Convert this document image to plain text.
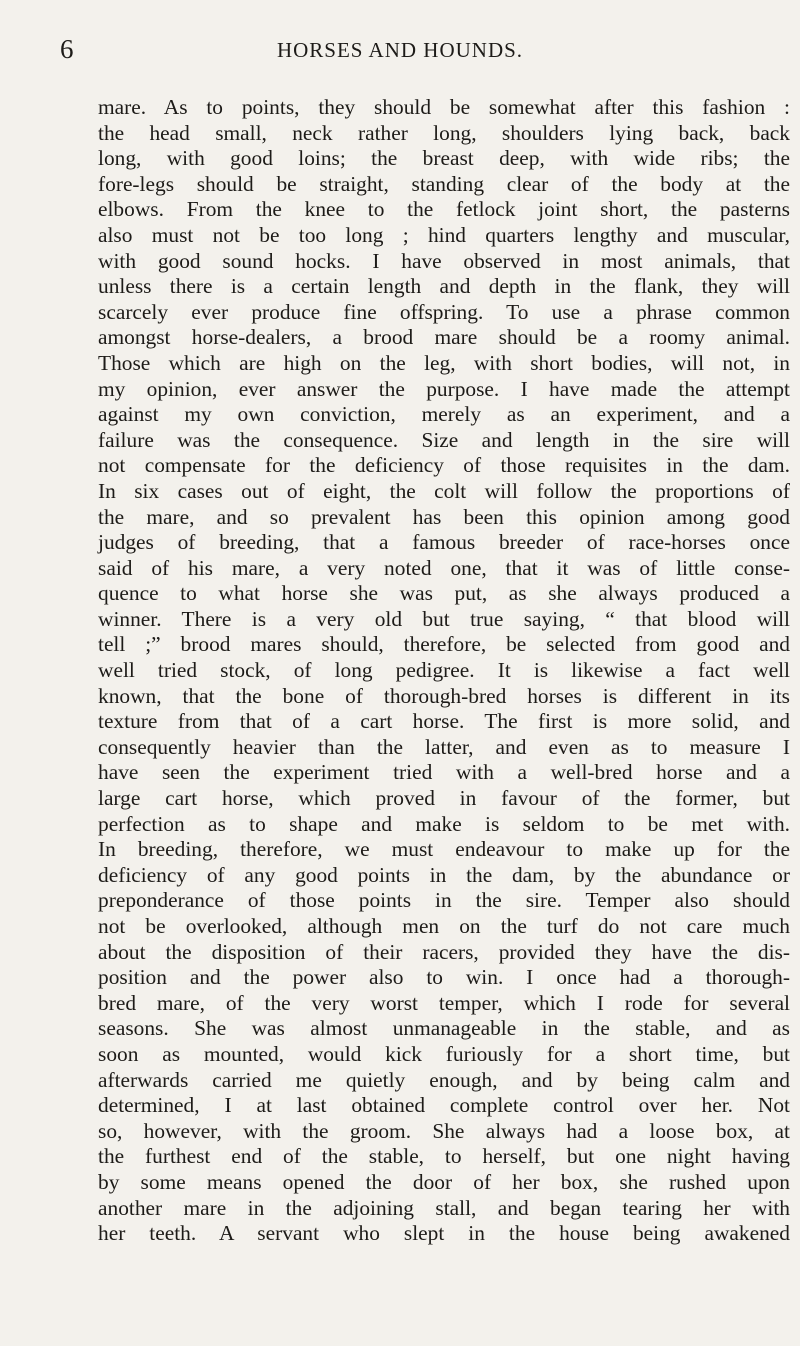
6	HORSES AND HOUNDS.
mare. As to points, they should be somewhat after this fashion :
the head small, neck rather long, shoulders lying back, back
long, with good loins; the breast deep, with wide ribs; the
fore-legs should be straight, standing clear of the body at the
elbows. From the knee to the fetlock joint short, the pasterns
also must not be too long ; hind quarters lengthy and muscular,
with good sound hocks. I have observed in most animals, that
unless there is a certain length and depth in the flank, they will
scarcely ever produce fine offspring. To use a phrase common
amongst horse-dealers, a brood mare should be a roomy animal.
Those which are high on the leg, with short bodies, will not, in
my opinion, ever answer the purpose. I have made the attempt
against my own conviction, merely as an experiment, and a
failure was the consequence. Size and length in the sire will
not compensate for the deficiency of those requisites in the dam.
In six cases out of eight, the colt will follow the proportions of
the mare, and so prevalent has been this opinion among good
judges of breeding, that a famous breeder of race-horses once
said of his mare, a very noted one, that it was of little conse-
quence to what horse she was put, as she always produced a
winner. There is a very old but true saying, “ that blood will
tell ;” brood mares should, therefore, be selected from good and
well tried stock, of long pedigree. It is likewise a fact well
known, that the bone of thorough-bred horses is different in its
texture from that of a cart horse. The first is more solid, and
consequently heavier than the latter, and even as to measure I
have seen the experiment tried with a well-bred horse and a
large cart horse, which proved in favour of the former, but
perfection as to shape and make is seldom to be met with.
In breeding, therefore, we must endeavour to make up for the
deficiency of any good points in the dam, by the abundance or
preponderance of those points in the sire. Temper also should
not be overlooked, although men on the turf do not care much
about the disposition of their racers, provided they have the dis-
position and the power also to win. I once had a thorough-
bred mare, of the very worst temper, which I rode for several
seasons. She was almost unmanageable in the stable, and as
soon as mounted, would kick furiously for a short time, but
afterwards carried me quietly enough, and by being calm and
determined, I at last obtained complete control over her. Not
so, however, with the groom. She always had a loose box, at
the furthest end of the stable, to herself, but one night having
by some means opened the door of her box, she rushed upon
another mare in the adjoining stall, and began tearing her with
her teeth. A servant who slept in the house being awakened
